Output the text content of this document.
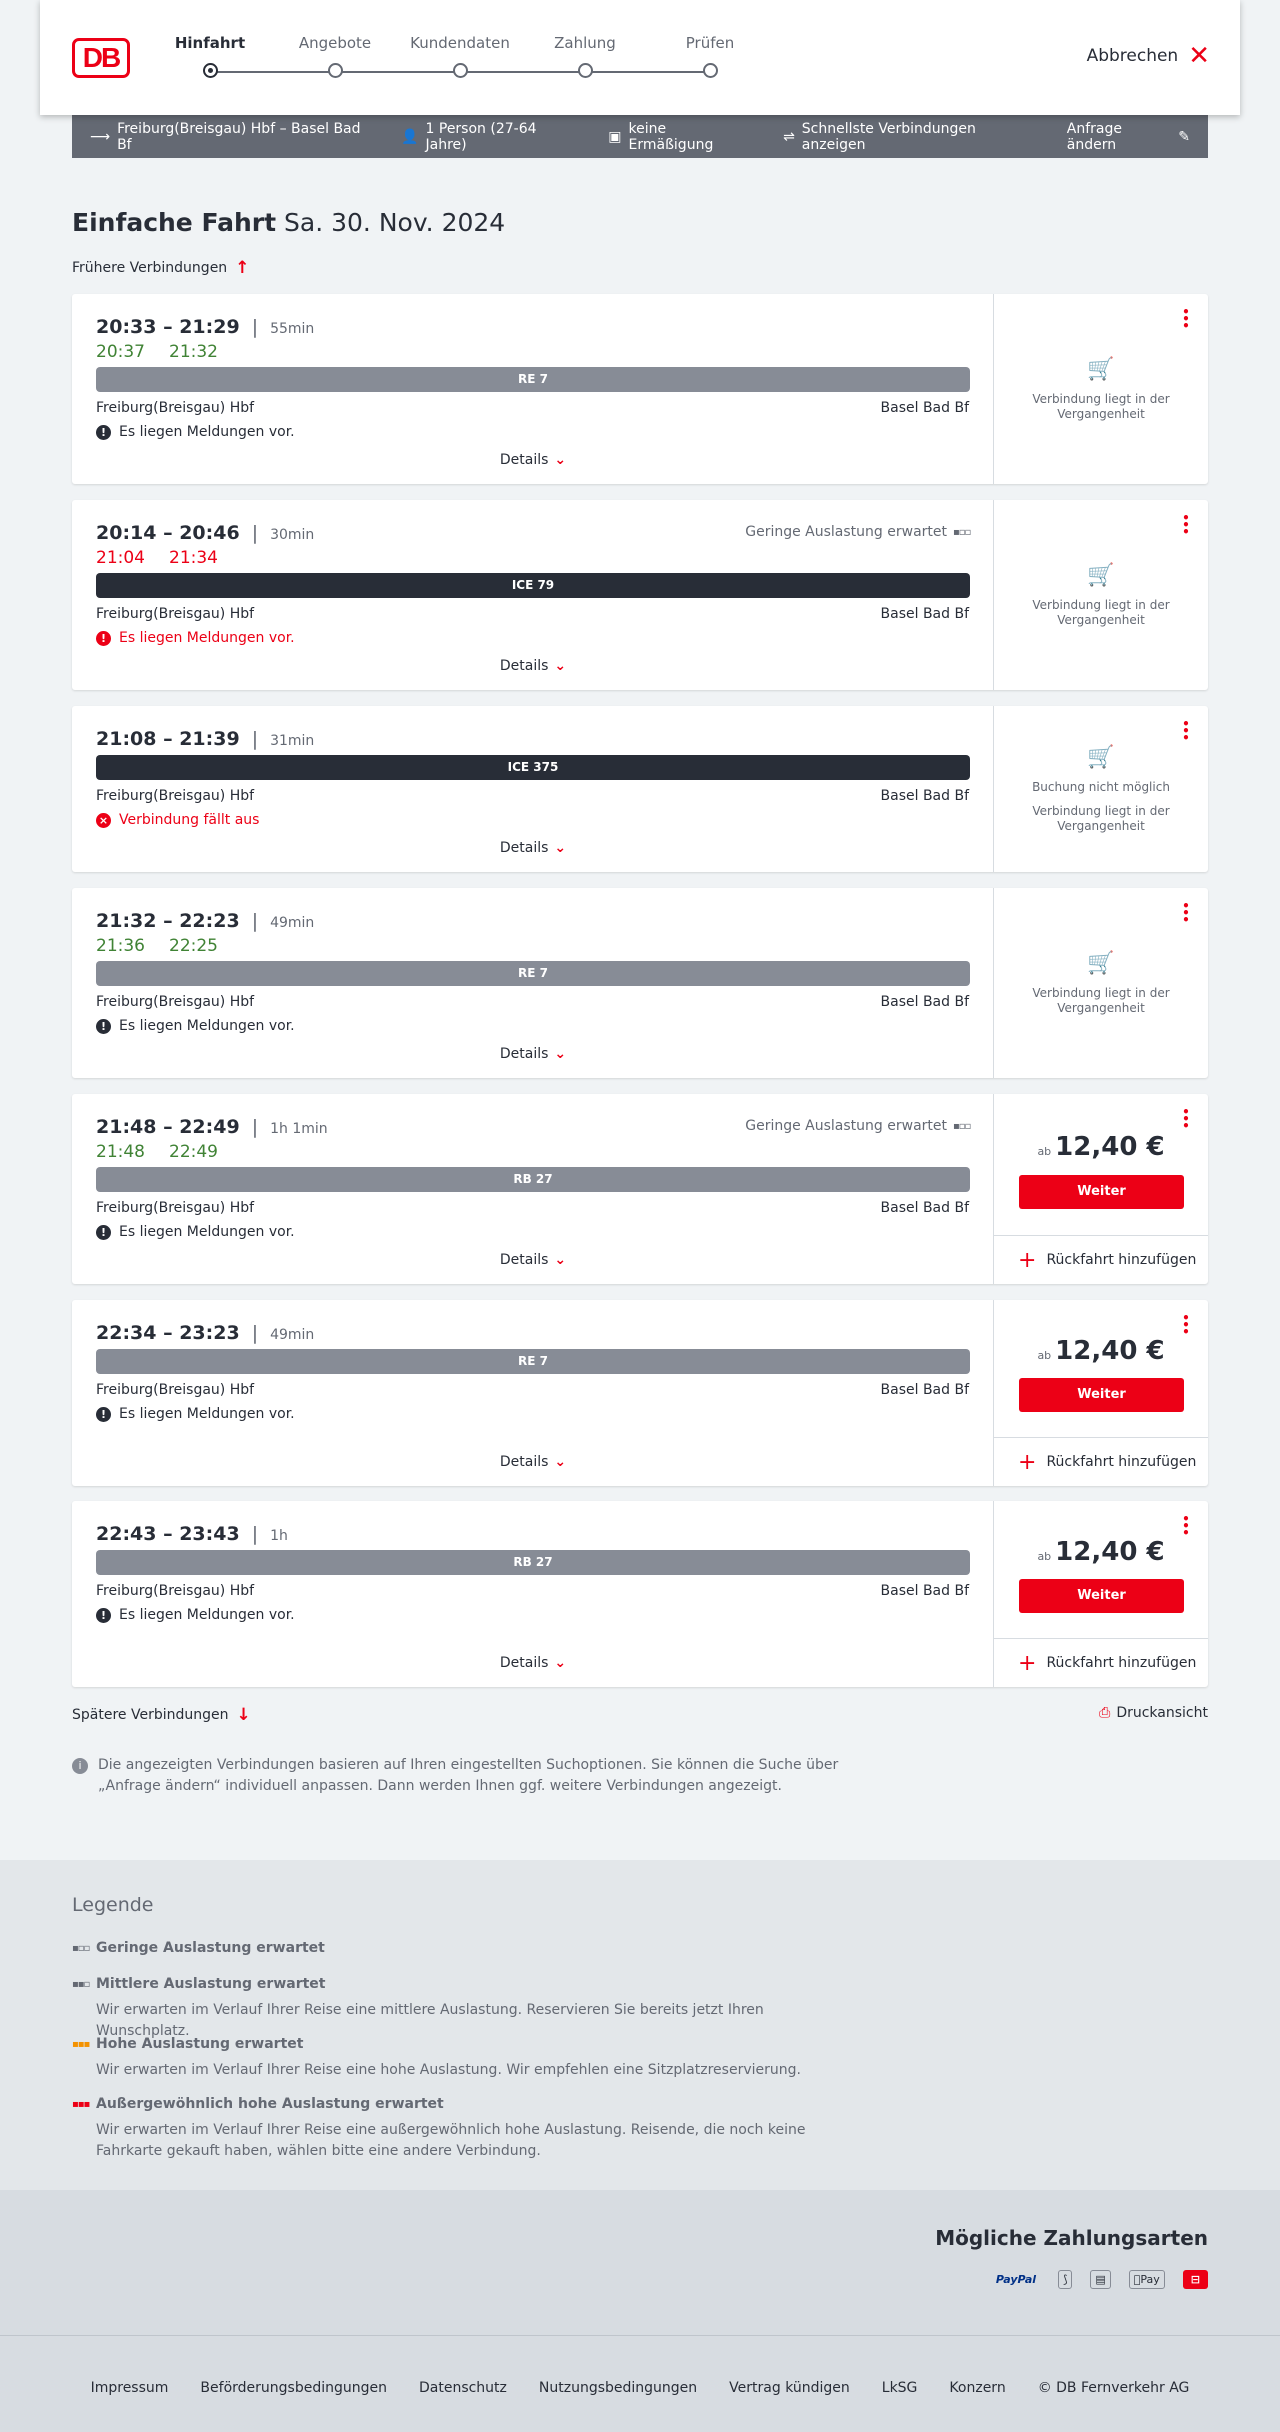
DB	Hinfahrt	Angebote	Kundendaten	Zahlung	Prüfen
Abbrechen ✕
⟶ Freiburg(Breisgau) Hbf – Basel Bad Bf	👤 1 Person (27-64 Jahre)	▣ keine Ermäßigung	⇌ Schnellste Verbindungen anzeigen
Anfrage ändern	✎
Einfache Fahrt Sa. 30. Nov. 2024
Frühere Verbindungen ↑
20:33 – 21:29 | 55min
20:37 21:32
RE 7
Freiburg(Breisgau) Hbf	Basel Bad Bf
! Es liegen Meldungen vor.
Details ⌄
• • •
🛒
Verbindung liegt in der Vergangenheit
20:14 – 20:46 | 30min	Geringe Auslastung erwartet ▪▫▫
21:04 21:34
ICE 79
Freiburg(Breisgau) Hbf	Basel Bad Bf
! Es liegen Meldungen vor.
Details ⌄
• • •
🛒
Verbindung liegt in der Vergangenheit
21:08 – 21:39 | 31min
ICE 375
Freiburg(Breisgau) Hbf	Basel Bad Bf
× Verbindung fällt aus
Details ⌄
• • •
🛒
Buchung nicht möglich
Verbindung liegt in der Vergangenheit
21:32 – 22:23 | 49min
21:36 22:25
RE 7
Freiburg(Breisgau) Hbf	Basel Bad Bf
! Es liegen Meldungen vor.
Details ⌄
• • •
🛒
Verbindung liegt in der Vergangenheit
21:48 – 22:49 | 1h 1min	Geringe Auslastung erwartet ▪▫▫
21:48 22:49
RB 27
Freiburg(Breisgau) Hbf	Basel Bad Bf
! Es liegen Meldungen vor.
Details ⌄
• • •
ab 12,40 €
Weiter
+ Rückfahrt hinzufügen
22:34 – 23:23 | 49min
RE 7
Freiburg(Breisgau) Hbf	Basel Bad Bf
! Es liegen Meldungen vor.
Details ⌄
• • •
ab 12,40 €
Weiter
+ Rückfahrt hinzufügen
22:43 – 23:43 | 1h
RB 27
Freiburg(Breisgau) Hbf	Basel Bad Bf
! Es liegen Meldungen vor.
Details ⌄
• • •
ab 12,40 €
Weiter
+ Rückfahrt hinzufügen
Spätere Verbindungen ↓	⎙ Druckansicht
i	Die angezeigten Verbindungen basieren auf Ihren eingestellten Suchoptionen. Sie können die Suche über „Anfrage ändern“ individuell anpassen. Dann werden Ihnen ggf. weitere Verbindungen angezeigt.
Legende
▪▫▫ Geringe Auslastung erwartet
▪▪▫ Mittlere Auslastung erwartet
Wir erwarten im Verlauf Ihrer Reise eine mittlere Auslastung. Reservieren Sie bereits jetzt Ihren Wunschplatz.
▪▪▪ Hohe Auslastung erwartet
Wir erwarten im Verlauf Ihrer Reise eine hohe Auslastung. Wir empfehlen eine Sitzplatzreservierung.
▪▪▪ Außergewöhnlich hohe Auslastung erwartet
Wir erwarten im Verlauf Ihrer Reise eine außergewöhnlich hohe Auslastung. Reisende, die noch keine Fahrkarte gekauft haben, wählen bitte eine andere Verbindung.
Mögliche Zahlungsarten
PayPal	⟆	▤	Pay	⊟
Impressum Beförderungsbedingungen Datenschutz Nutzungsbedingungen Vertrag kündigen LkSG Konzern © DB Fernverkehr AG
